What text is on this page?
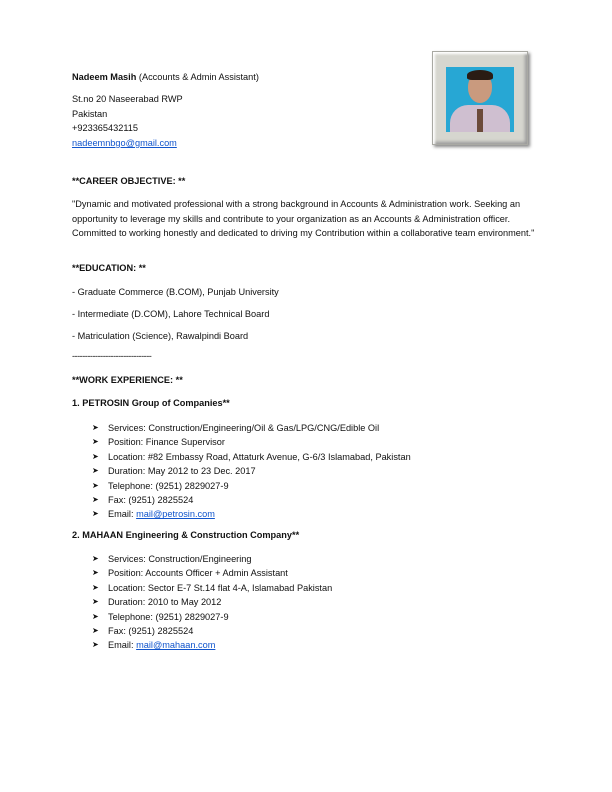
Nadeem Masih (Accounts & Admin Assistant)
St.no 20 Naseerabad RWP
Pakistan
+923365432115
nadeemnbgo@gmail.com
**CAREER OBJECTIVE: **
"Dynamic and motivated professional with a strong background in Accounts & Administration work. Seeking an opportunity to leverage my skills and contribute to your organization as an Accounts & Administration officer. Committed to working honestly and dedicated to driving my Contribution within a collaborative team environment."
**EDUCATION: **
- Graduate Commerce (B.COM), Punjab University
- Intermediate (D.COM), Lahore Technical Board
- Matriculation (Science), Rawalpindi Board
-------------------------------
**WORK EXPERIENCE: **
1. PETROSIN Group of Companies**
➤ Services: Construction/Engineering/Oil & Gas/LPG/CNG/Edible Oil
➤ Position: Finance Supervisor
➤ Location: #82 Embassy Road, Attaturk Avenue, G-6/3 Islamabad, Pakistan
➤ Duration: May 2012 to 23 Dec. 2017
➤ Telephone: (9251) 2829027-9
➤ Fax: (9251) 2825524
➤ Email: mail@petrosin.com
2. MAHAAN Engineering & Construction Company**
➤ Services: Construction/Engineering
➤ Position: Accounts Officer + Admin Assistant
➤ Location: Sector E-7 St.14 flat 4-A, Islamabad Pakistan
➤ Duration: 2010 to May 2012
➤ Telephone: (9251) 2829027-9
➤ Fax: (9251) 2825524
➤ Email: mail@mahaan.com
